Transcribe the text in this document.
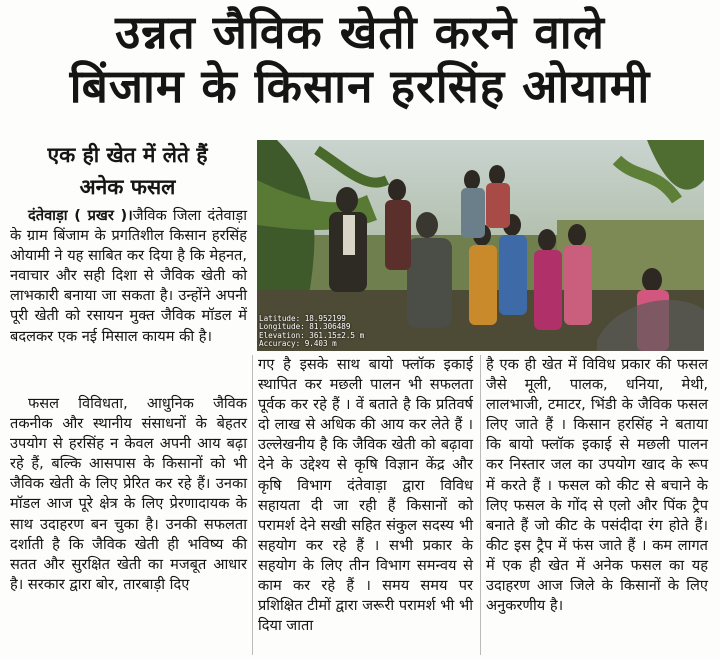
उन्नत जैविक खेती करने वाले
बिंजाम के किसान हरसिंह ओयामी
एक ही खेत में लेते हैं
अनेक फसल

दंतेवाड़ा ( प्रखर )।जैविक जिला दंतेवाड़ा के ग्राम बिंजाम के प्रगतिशील किसान हरसिंह ओयामी ने यह साबित कर दिया है कि मेहनत, नवाचार और सही दिशा से जैविक खेती को लाभकारी बनाया जा सकता है। उन्होंने अपनी पूरी खेती को रसायन मुक्त जैविक मॉडल में बदलकर एक नई मिसाल कायम की है।

फसल विविधता, आधुनिक जैविक तकनीक और स्थानीय संसाधनों के बेहतर उपयोग से हरसिंह न केवल अपनी आय बढ़ा रहे हैं, बल्कि आसपास के किसानों को भी जैविक खेती के लिए प्रेरित कर रहे हैं। उनका मॉडल आज पूरे क्षेत्र के लिए प्रेरणादायक के साथ उदाहरण बन चुका है। उनकी सफलता दर्शाती है कि जैविक खेती ही भविष्य की सतत और सुरक्षित खेती का मजबूत आधार है। सरकार द्वारा बोर, तारबाड़ी दिए

गए है इसके साथ बायो फ्लॉक इकाई स्थापित कर मछली पालन भी सफलता पूर्वक कर रहे हैं । वें बताते है कि प्रतिवर्ष दो लाख से अधिक की आय कर लेते हैं । उल्लेखनीय है कि जैविक खेती को बढ़ावा देने के उद्देश्य से कृषि विज्ञान केंद्र और कृषि विभाग दंतेवाड़ा द्वारा विविध सहायता दी जा रही हैं किसानों को परामर्श देने सखी सहित संकुल सदस्य भी सहयोग कर रहे हैं । सभी प्रकार के सहयोग के लिए तीन विभाग समन्वय से काम कर रहे हैं । समय समय पर प्रशिक्षित टीमों द्वारा जरूरी परामर्श भी भी दिया जाता
है एक ही खेत में विविध प्रकार की फसल जैसे मूली, पालक, धनिया, मेथी, लालभाजी, टमाटर, भिंडी के जैविक फसल लिए जाते हैं । किसान हरसिंह ने बताया कि बायो फ्लॉक इकाई से मछली पालन कर निस्तार जल का उपयोग खाद के रूप में करते हैं । फसल को कीट से बचाने के लिए फसल के गोंद से एलो और पिंक ट्रैप बनाते हैं जो कीट के पसंदीदा रंग होते हैं। कीट इस ट्रैप में फंस जाते हैं । कम लागत में एक ही खेत में अनेक फसल का यह उदाहरण आज जिले के किसानों के लिए अनुकरणीय है।
Latitude: 18.952199
Longitude: 81.306489
Elevation: 361.15±2.5 m
Accuracy: 9.403 m
